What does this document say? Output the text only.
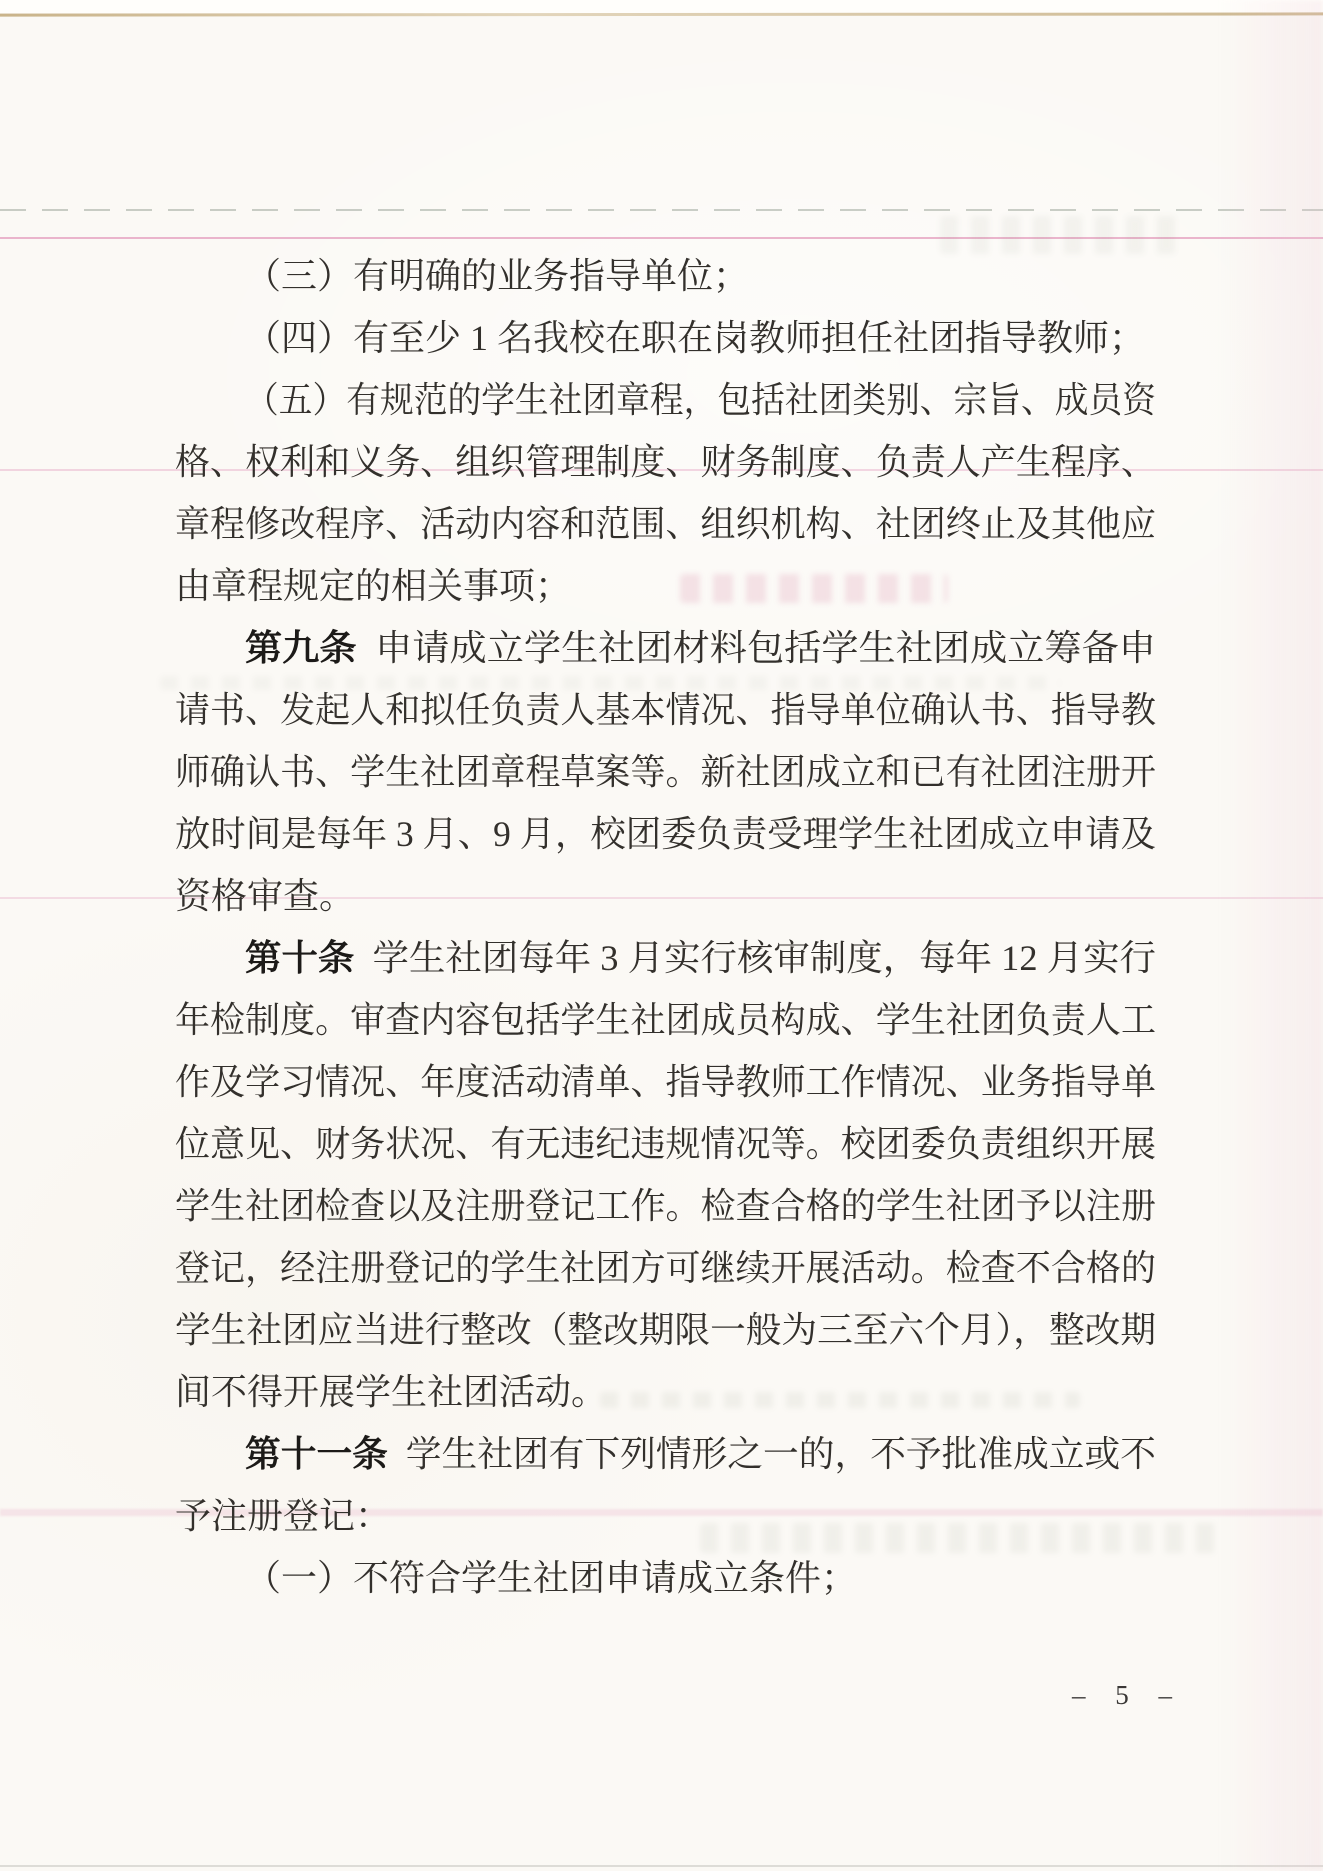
（三）有明确的业务指导单位；
（四）有至少 1 名我校在职在岗教师担任社团指导教师；
（五）有规范的学生社团章程，包括社团类别、宗旨、成员资
格、权利和义务、组织管理制度、财务制度、负责人产生程序、
章程修改程序、活动内容和范围、组织机构、社团终止及其他应
由章程规定的相关事项；
第九条 申请成立学生社团材料包括学生社团成立筹备申
请书、发起人和拟任负责人基本情况、指导单位确认书、指导教
师确认书、学生社团章程草案等。新社团成立和已有社团注册开
放时间是每年 3 月、9 月，校团委负责受理学生社团成立申请及
资格审查。
第十条 学生社团每年 3 月实行核审制度，每年 12 月实行
年检制度。审查内容包括学生社团成员构成、学生社团负责人工
作及学习情况、年度活动清单、指导教师工作情况、业务指导单
位意见、财务状况、有无违纪违规情况等。校团委负责组织开展
学生社团检查以及注册登记工作。检查合格的学生社团予以注册
登记，经注册登记的学生社团方可继续开展活动。检查不合格的
学生社团应当进行整改（整改期限一般为三至六个月），整改期
间不得开展学生社团活动。
第十一条 学生社团有下列情形之一的，不予批准成立或不
予注册登记：
（一）不符合学生社团申请成立条件；
– 5 –
